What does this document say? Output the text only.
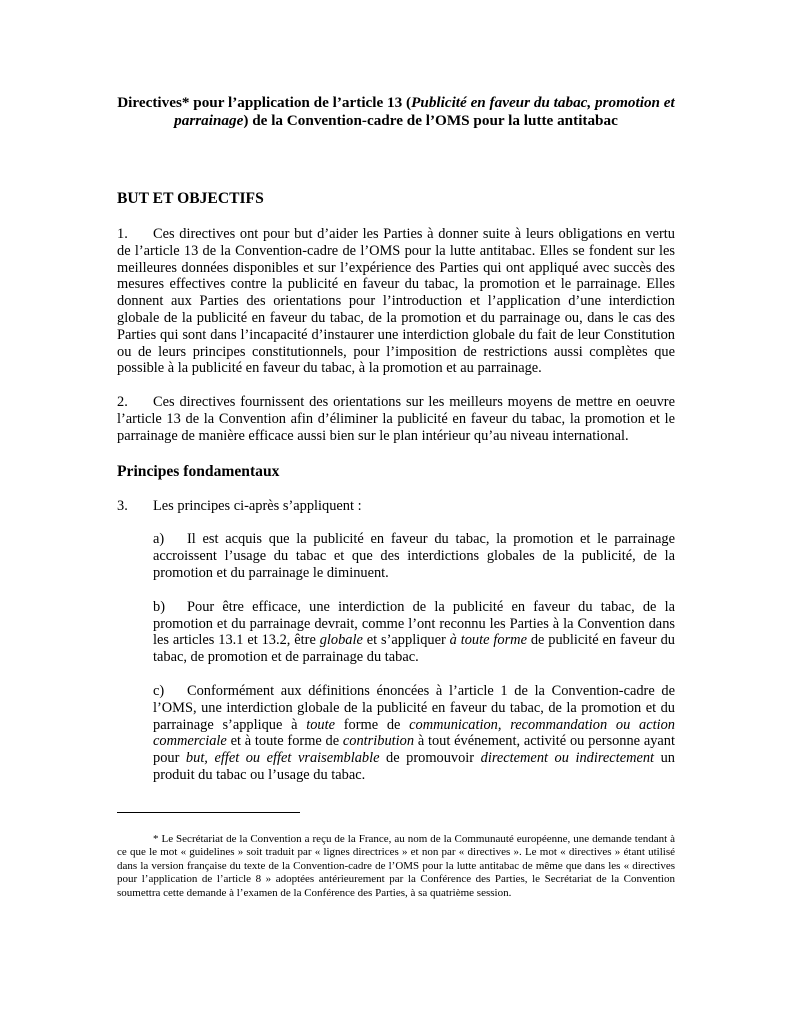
Directives* pour l’application de l’article 13 (Publicité en faveur du tabac, promotion et parrainage) de la Convention-cadre de l’OMS pour la lutte antitabac

BUT ET OBJECTIFS

1. Ces directives ont pour but d’aider les Parties à donner suite à leurs obligations en vertu de l’article 13 de la Convention-cadre de l’OMS pour la lutte antitabac. Elles se fondent sur les meilleures données disponibles et sur l’expérience des Parties qui ont appliqué avec succès des mesures effectives contre la publicité en faveur du tabac, la promotion et le parrainage. Elles donnent aux Parties des orientations pour l’introduction et l’application d’une interdiction globale de la publicité en faveur du tabac, de la promotion et du parrainage ou, dans le cas des Parties qui sont dans l’incapacité d’instaurer une interdiction globale du fait de leur Constitution ou de leurs principes constitutionnels, pour l’imposition de restrictions aussi complètes que possible à la publicité en faveur du tabac, à la promotion et au parrainage.

2. Ces directives fournissent des orientations sur les meilleurs moyens de mettre en oeuvre l’article 13 de la Convention afin d’éliminer la publicité en faveur du tabac, la promotion et le parrainage de manière efficace aussi bien sur le plan intérieur qu’au niveau international.

Principes fondamentaux

3. Les principes ci-après s’appliquent :

a) Il est acquis que la publicité en faveur du tabac, la promotion et le parrainage accroissent l’usage du tabac et que des interdictions globales de la publicité, de la promotion et du parrainage le diminuent.

b) Pour être efficace, une interdiction de la publicité en faveur du tabac, de la promotion et du parrainage devrait, comme l’ont reconnu les Parties à la Convention dans les articles 13.1 et 13.2, être globale et s’appliquer à toute forme de publicité en faveur du tabac, de promotion et de parrainage du tabac.

c) Conformément aux définitions énoncées à l’article 1 de la Convention-cadre de l’OMS, une interdiction globale de la publicité en faveur du tabac, de la promotion et du parrainage s’applique à toute forme de communication, recommandation ou action commerciale et à toute forme de contribution à tout événement, activité ou personne ayant pour but, effet ou effet vraisemblable de promouvoir directement ou indirectement un produit du tabac ou l’usage du tabac.

* Le Secrétariat de la Convention a reçu de la France, au nom de la Communauté européenne, une demande tendant à ce que le mot « guidelines » soit traduit par « lignes directrices » et non par « directives ». Le mot « directives » étant utilisé dans la version française du texte de la Convention-cadre de l’OMS pour la lutte antitabac de même que dans les « directives pour l’application de l’article 8 » adoptées antérieurement par la Conférence des Parties, le Secrétariat de la Convention soumettra cette demande à l’examen de la Conférence des Parties, à sa quatrième session.
